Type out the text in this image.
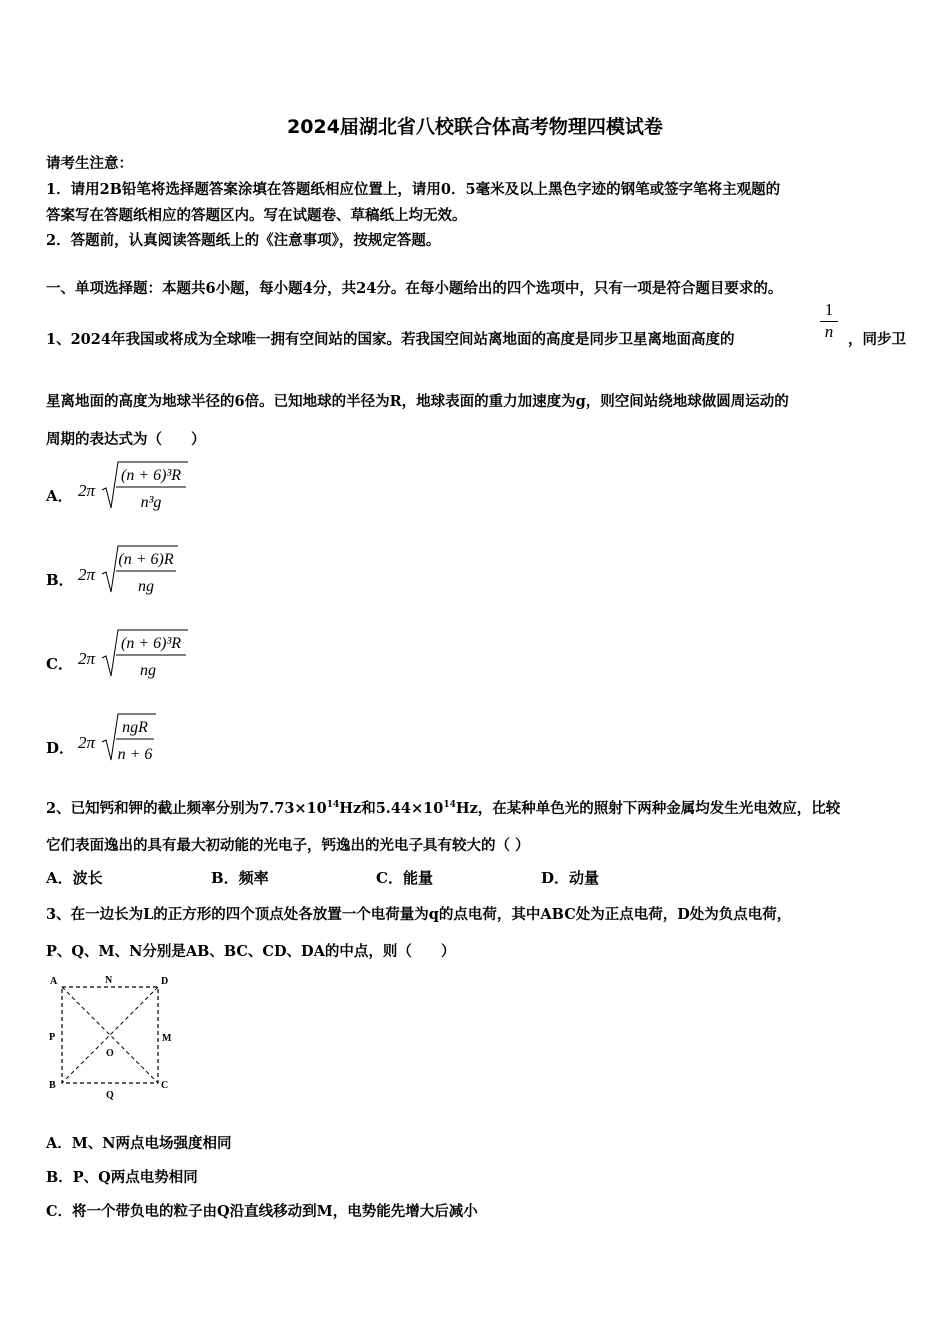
2024届湖北省八校联合体高考物理四模试卷
请考生注意：
1．请用2B铅笔将选择题答案涂填在答题纸相应位置上，请用0．5毫米及以上黑色字迹的钢笔或签字笔将主观题的
答案写在答题纸相应的答题区内。写在试题卷、草稿纸上均无效。
2．答题前，认真阅读答题纸上的《注意事项》，按规定答题。
一、单项选择题：本题共6小题，每小题4分，共24分。在每小题给出的四个选项中，只有一项是符合题目要求的。
1、2024年我国或将成为全球唯一拥有空间站的国家。若我国空间站离地面的高度是同步卫星离地面高度的	$\frac{1}{n}$ ，同步卫
星离地面的高度为地球半径的6倍。已知地球的半径为R，地球表面的重力加速度为g，则空间站绕地球做圆周运动的
周期的表达式为（　　）
A． 2π
(n + 6)³R
n³g
B． 2π
(n + 6)R
ng
C． 2π
(n + 6)³R
ng
D． 2π
ngR
n + 6
2、已知钙和钾的截止频率分别为$7.73\times 10^{14}Hz$和$5.44\times 10^{14}Hz$，在某种单色光的照射下两种金属均发生光电效应，比较
它们表面逸出的具有最大初动能的光电子，钙逸出的光电子具有较大的（ ）
A．波长	B．频率	C．能量	D．动量
3、在一边长为L的正方形的四个顶点处各放置一个电荷量为q的点电荷，其中ABC处为正点电荷，D处为负点电荷，
P、Q、M、N分别是AB、BC、CD、DA的中点，则（　　）
A	N	D
P	M
O
B	C
Q
A．M、N两点电场强度相同
B．P、Q两点电势相同
C．将一个带负电的粒子由Q沿直线移动到M，电势能先增大后减小
